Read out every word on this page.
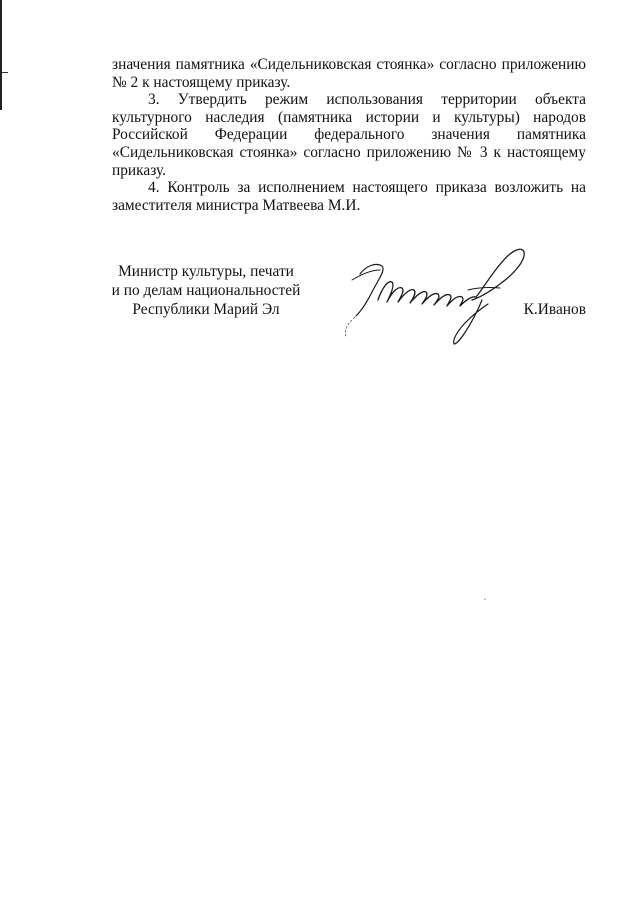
значения памятника «Сидельниковская стоянка» согласно приложению № 2 к настоящему приказу.

3. Утвердить режим использования территории объекта культурного наследия (памятника истории и культуры) народов Российской Федерации федерального значения памятника «Сидельниковская стоянка» согласно приложению № 3 к настоящему приказу.

4. Контроль за исполнением настоящего приказа возложить на заместителя министра Матвеева М.И.

Министр культуры, печати
и по делам национальностей
Республики Марий Эл	К.Иванов
